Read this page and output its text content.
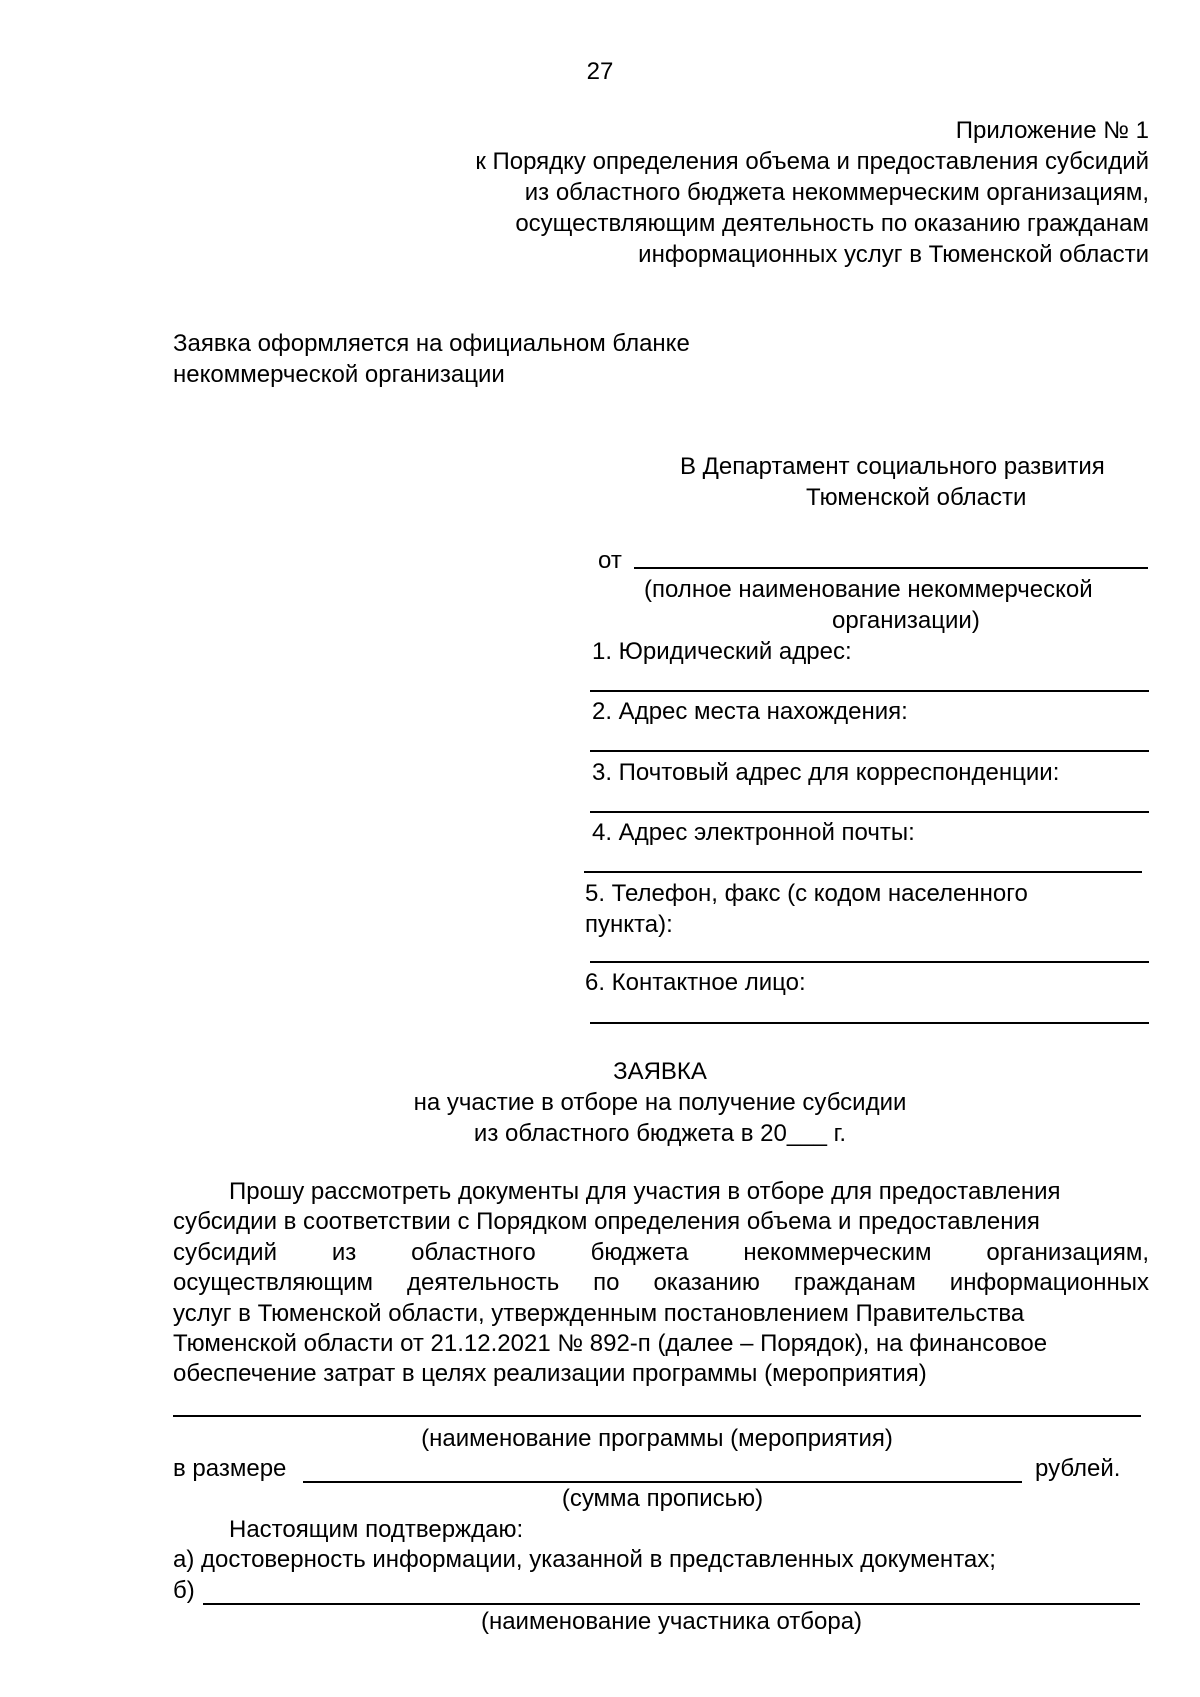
27
Приложение № 1
к Порядку определения объема и предоставления субсидий
из областного бюджета некоммерческим организациям,
осуществляющим деятельность по оказанию гражданам
информационных услуг в Тюменской области
Заявка оформляется на официальном бланке
некоммерческой организации
В Департамент социального развития
Тюменской области
от
(полное наименование некоммерческой
организации)
1. Юридический адрес:
2. Адрес места нахождения:
3. Почтовый адрес для корреспонденции:
4. Адрес электронной почты:
5. Телефон, факс (с кодом населенного
пункта):
6. Контактное лицо:
ЗАЯВКА
на участие в отборе на получение субсидии
из областного бюджета в 20___ г.
Прошу рассмотреть документы для участия в отборе для предоставления
субсидии в соответствии с Порядком определения объема и предоставления
субсидий из областного бюджета некоммерческим организациям,
осуществляющим деятельность по оказанию гражданам информационных
услуг в Тюменской области, утвержденным постановлением Правительства
Тюменской области от 21.12.2021 № 892-п (далее – Порядок), на финансовое
обеспечение затрат в целях реализации программы (мероприятия)
(наименование программы (мероприятия)
в размере	рублей.
(сумма прописью)
Настоящим подтверждаю:
а) достоверность информации, указанной в представленных документах;
б)
(наименование участника отбора)
